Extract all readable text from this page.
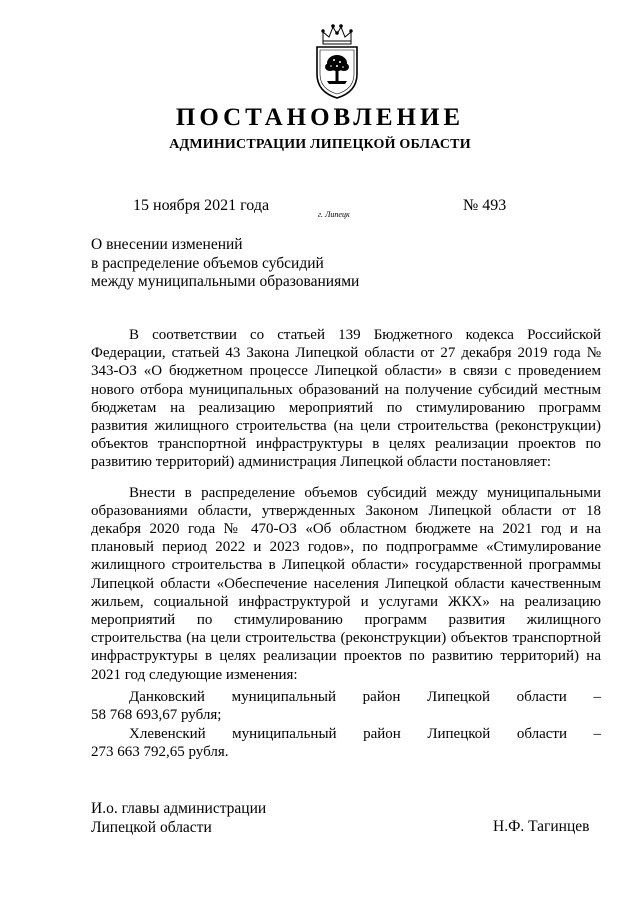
ПОСТАНОВЛЕНИЕ
АДМИНИСТРАЦИИ ЛИПЕЦКОЙ ОБЛАСТИ
15 ноября 2021 года
г. Липецк
№ 493
О внесении изменений
в распределение объемов субсидий
между муниципальными образованиями

В соответствии со статьей 139 Бюджетного кодекса Российской Федерации, статьей 43 Закона Липецкой области от 27 декабря 2019 года № 343-ОЗ «О бюджетном процессе Липецкой области» в связи с проведением нового отбора муниципальных образований на получение субсидий местным бюджетам на реализацию мероприятий по стимулированию программ развития жилищного строительства (на цели строительства (реконструкции) объектов транспортной инфраструктуры в целях реализации проектов по развитию территорий) администрация Липецкой области постановляет:

Внести в распределение объемов субсидий между муниципальными образованиями области, утвержденных Законом Липецкой области от 18 декабря 2020 года № 470-ОЗ «Об областном бюджете на 2021 год и на плановый период 2022 и 2023 годов», по подпрограмме «Стимулирование жилищного строительства в Липецкой области» государственной программы Липецкой области «Обеспечение населения Липецкой области качественным жильем, социальной инфраструктурой и услугами ЖКХ» на реализацию мероприятий по стимулированию программ развития жилищного строительства (на цели строительства (реконструкции) объектов транспортной инфраструктуры в целях реализации проектов по развитию территорий) на 2021 год следующие изменения:

Данковский муниципальный район Липецкой области –

58 768 693,67 рубля;

Хлевенский муниципальный район Липецкой области –

273 663 792,65 рубля.

И.о. главы администрации
Липецкой области	Н.Ф. Тагинцев
